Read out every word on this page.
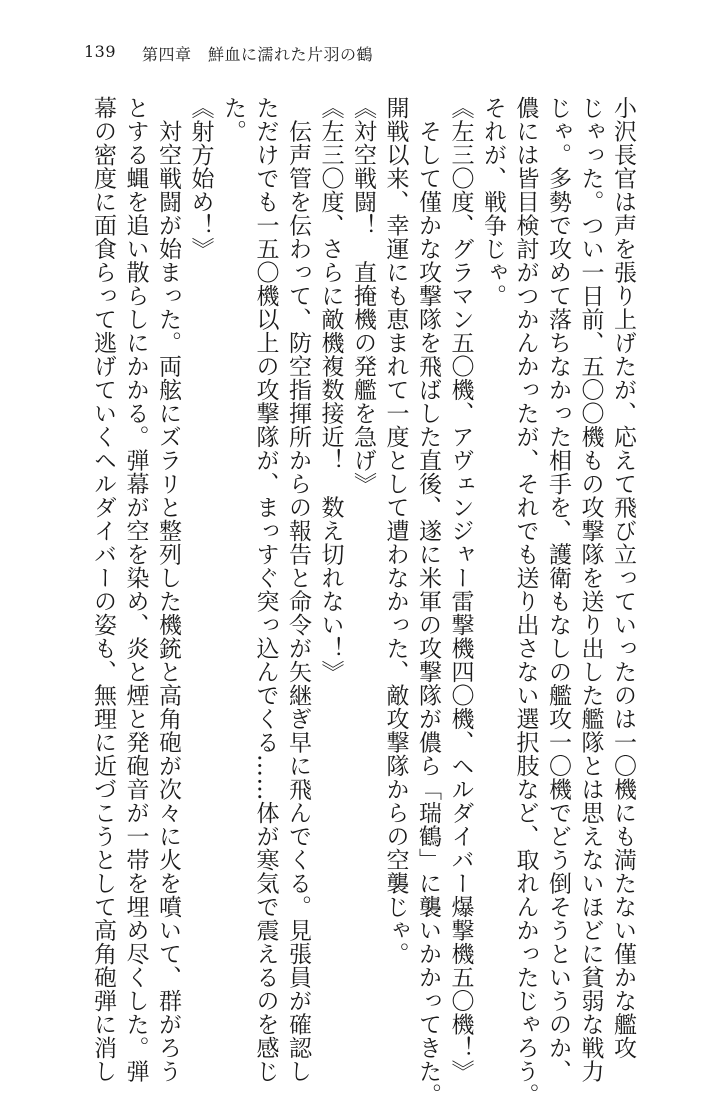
139 第四章　鮮血に濡れた片羽の鶴
小沢長官は声を張り上げたが、応えて飛び立っていったのは一〇機にも満たない僅かな艦攻
じゃった。つい一日前、五〇〇機もの攻撃隊を送り出した艦隊とは思えないほどに貧弱な戦力
じゃ。多勢で攻めて落ちなかった相手を、護衛もなしの艦攻一〇機でどう倒そうというのか、
儂には皆目検討がつかんかったが、それでも送り出さない選択肢など、取れんかったじゃろう。
それが、戦争じゃ。
《左三〇度、グラマン五〇機、アヴェンジャー雷撃機四〇機、ヘルダイバー爆撃機五〇機！》
　そして僅かな攻撃隊を飛ばした直後、遂に米軍の攻撃隊が儂ら「瑞鶴」に襲いかかってきた。
開戦以来、幸運にも恵まれて一度として遭わなかった、敵攻撃隊からの空襲じゃ。
《対空戦闘！　直掩機の発艦を急げ》
《左三〇度、さらに敵機複数接近！　数え切れない！》
　伝声管を伝わって、防空指揮所からの報告と命令が矢継ぎ早に飛んでくる。見張員が確認し
ただけでも一五〇機以上の攻撃隊が、まっすぐ突っ込んでくる……体が寒気で震えるのを感じ
た。
《射方始め！》
　対空戦闘が始まった。両舷にズラリと整列した機銃と高角砲が次々に火を噴いて、群がろう
とする蝿を追い散らしにかかる。弾幕が空を染め、炎と煙と発砲音が一帯を埋め尽くした。弾
幕の密度に面食らって逃げていくヘルダイバーの姿も、無理に近づこうとして高角砲弾に消し
